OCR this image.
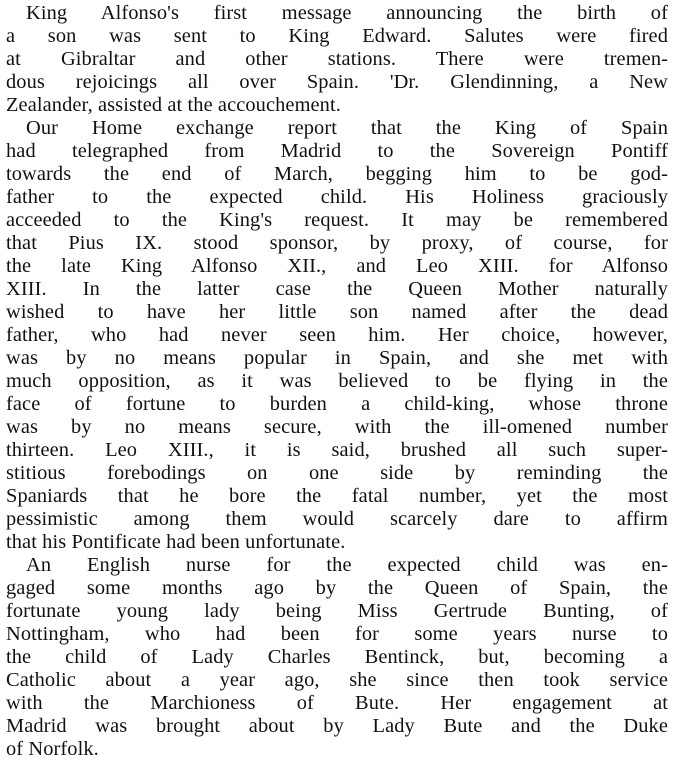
King Alfonso's first message announcing the birth of
a son was sent to King Edward. Salutes were fired
at Gibraltar and other stations. There were tremen-
dous rejoicings all over Spain. 'Dr. Glendinning, a New
Zealander, assisted at the accouchement.

Our Home exchange report that the King of Spain
had telegraphed from Madrid to the Sovereign Pontiff
towards the end of March, begging him to be god-
father to the expected child. His Holiness graciously
acceeded to the King's request. It may be remembered
that Pius IX. stood sponsor, by proxy, of course, for
the late King Alfonso XII., and Leo XIII. for Alfonso
XIII. In the latter case the Queen Mother naturally
wished to have her little son named after the dead
father, who had never seen him. Her choice, however,
was by no means popular in Spain, and she met with
much opposition, as it was believed to be flying in the
face of fortune to burden a child-king, whose throne
was by no means secure, with the ill-omened number
thirteen. Leo XIII., it is said, brushed all such super-
stitious forebodings on one side by reminding the
Spaniards that he bore the fatal number, yet the most
pessimistic among them would scarcely dare to affirm
that his Pontificate had been unfortunate.

An English nurse for the expected child was en-
gaged some months ago by the Queen of Spain, the
fortunate young lady being Miss Gertrude Bunting, of
Nottingham, who had been for some years nurse to
the child of Lady Charles Bentinck, but, becoming a
Catholic about a year ago, she since then took service
with the Marchioness of Bute. Her engagement at
Madrid was brought about by Lady Bute and the Duke
of Norfolk.
